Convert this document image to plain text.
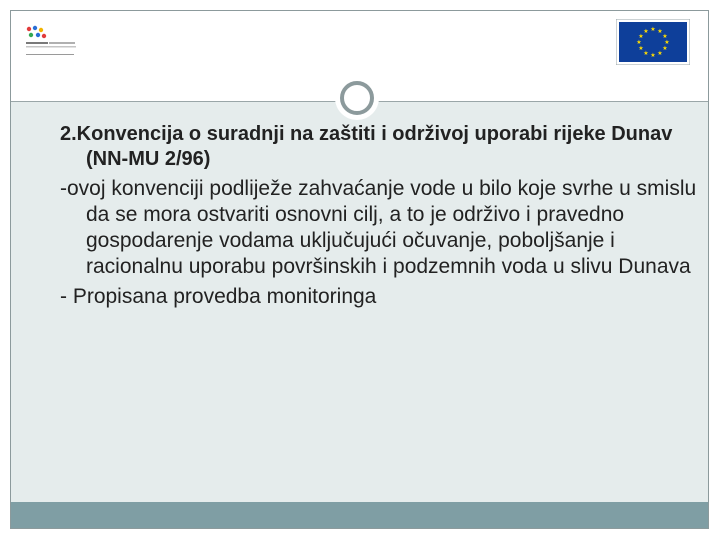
★ ★
★
★
★
★
★
★
★
★
★
★

2.Konvencija o suradnji na zaštiti i održivoj uporabi rijeke Dunav (NN-MU 2/96)

-ovoj konvenciji podliježe zahvaćanje vode u bilo koje svrhe u smislu da se mora ostvariti osnovni cilj, a to je održivo i pravedno gospodarenje vodama uključujući očuvanje, poboljšanje i racionalnu uporabu površinskih i podzemnih voda u slivu Dunava

- Propisana provedba monitoringa
